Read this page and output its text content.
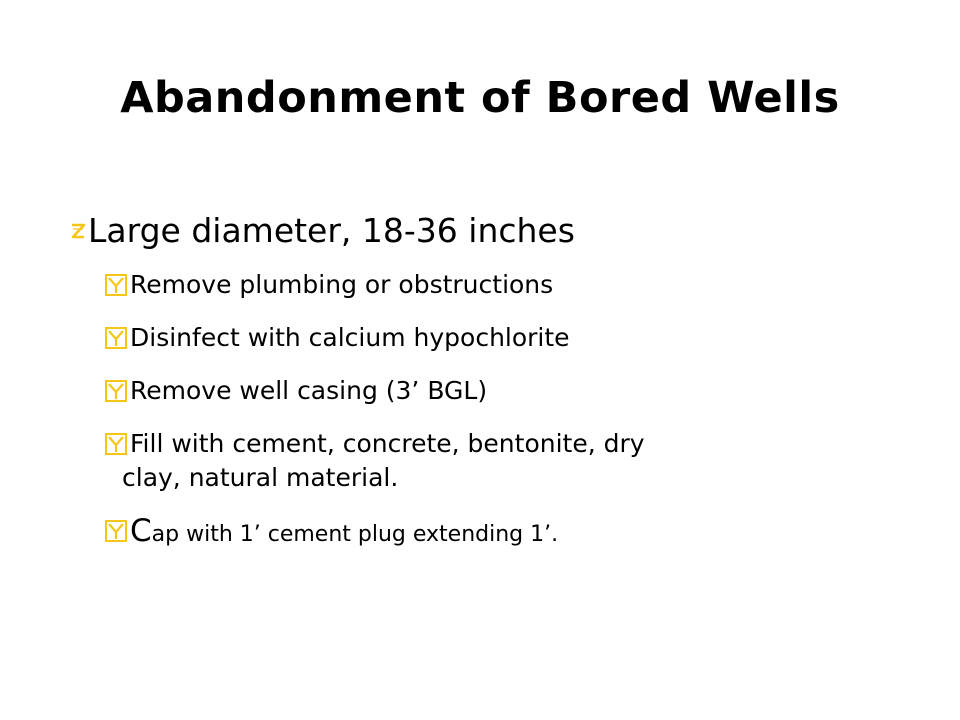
Abandonment of Bored Wells
Large diameter, 18-36 inches
Remove plumbing or obstructions
Disinfect with calcium hypochlorite
Remove well casing (3’ BGL)
Fill with cement, concrete, bentonite, dry
clay, natural material.
Cap with 1’ cement plug extending 1’.
